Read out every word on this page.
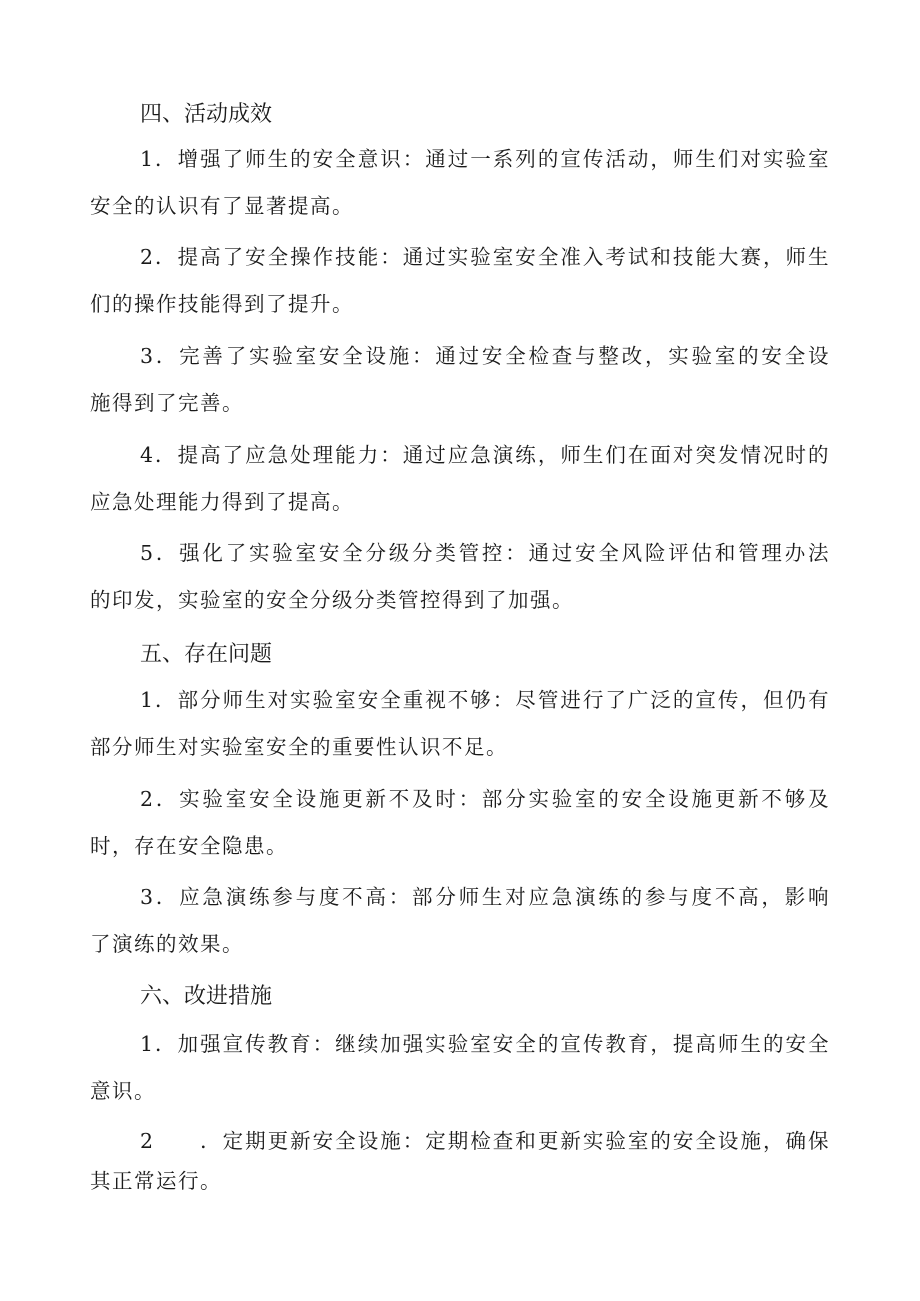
四、活动成效

1．增强了师生的安全意识：通过一系列的宣传活动，师生们对实验室
安全的认识有了显著提高。

2．提高了安全操作技能：通过实验室安全准入考试和技能大赛，师生
们的操作技能得到了提升。

3．完善了实验室安全设施：通过安全检查与整改，实验室的安全设
施得到了完善。

4．提高了应急处理能力：通过应急演练，师生们在面对突发情况时的
应急处理能力得到了提高。

5．强化了实验室安全分级分类管控：通过安全风险评估和管理办法
的印发，实验室的安全分级分类管控得到了加强。

五、存在问题

1．部分师生对实验室安全重视不够：尽管进行了广泛的宣传，但仍有
部分师生对实验室安全的重要性认识不足。

2．实验室安全设施更新不及时：部分实验室的安全设施更新不够及
时，存在安全隐患。

3．应急演练参与度不高：部分师生对应急演练的参与度不高，影响
了演练的效果。

六、改进措施

1．加强宣传教育：继续加强实验室安全的宣传教育，提高师生的安全
意识。

2　　．定期更新安全设施：定期检查和更新实验室的安全设施，确保
其正常运行。
